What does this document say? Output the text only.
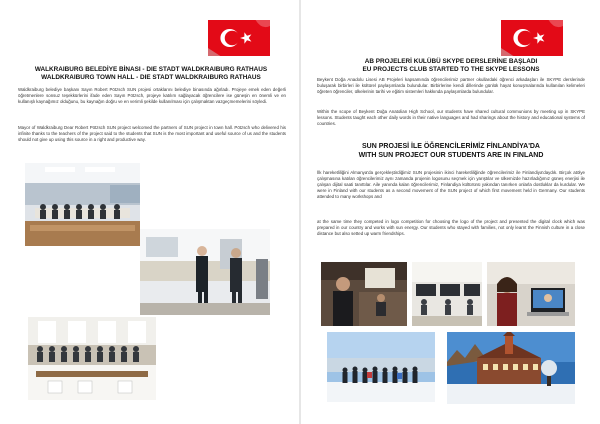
WALKRAIBURG BELEDİYE BİNASI - DIE STADT WALDKRAIBURG RATHAUS
WALDKRAIBURG TOWN HALL - DIE STADT WALDKRAIBURG RATHAUS

Waldkraiburg belediye başkanı Sayın Robert Pötzsch SUN projesi ortaklarını belediye binasında ağırladı. Projeye emek eden değerli öğretmenlere sonsuz teşekkürlerini ifade eden Sayın Pötzsch, projeye katılım sağlayacak öğrencilere ise güneşin en önemli ve en kullanışlı kaynağımız olduğunu, bu kaynağın doğru ve en verimli şekilde kullanılması için çalışmaktan vazgeçmemelerini söyledi.

Mayor of Waldkraiburg Dear Robert Pötzsch SUN project welcomed the partners of SUN project in town hall. Pötzsch who delivered his infinite thanks to the teachers of the project said to the students that SUN is the most important and useful source of us and the students should not give up using this source in a right and productive way.

AB PROJELERİ KULÜBÜ SKYPE DERSLERİNE BAŞLADI
EU PROJECTS CLUB STARTED TO THE SKYPE LESSONS

Beykent Doğa Anadolu Lisesi AB Projeleri kapsamında öğrencilerimiz partner okullardaki öğrenci arkadaşları ile SKYPE derslerinde buluşarak birbirleri ile kültürel paylaşımlarda bulundular. Birbirlerine kendi dillerinde günlük hayat konuşmalarında kullanılan kelimeleri öğreten öğrenciler, ülkelerinin tarihi ve eğitim sistemleri hakkında paylaşımlarda bulundular.

Within the scope of Beykent Doğa Anatolian High School, our students have shared cultural communions by meeting up in SKYPE lessons. Students taught each other daily words in their native languages and had sharings about the history and educational systems of countries.

SUN PROJESİ İLE ÖĞRENCİLERİMİZ FİNLANDİYA'DA
WITH SUN PROJECT OUR STUDENTS ARE IN FINLAND

İlk hareketliliğini Almanya'da gerçekleştirdiğimiz SUN projesinin ikinci hareketliliğinde öğrencilerimiz ile Finlandiya'daydık. Birçok atölye çalışmasına katılan öğrencilerimiz aynı zamanda projenin logosunu seçmek için yarıştılar ve ülkemizde hazırladığımız güneş enerjisi ile çalışan dijital saati tanıttılar. Aile yanında kalan öğrencilerimiz, Finlandiya kültürünü yakından tanırken onlarla dostluklar da kurdular. We were in Finland with our students as a second movement of the SUN project of which first movement held in Germany. Our students attended to many workshops and

at the same time they competed in logo competition for choosing the logo of the project and presented the digital clock which was prepared in our country and works with sun energy. Our students who stayed with families, not only learnt the Finnish culture in a close distance but also setted up warm friendships.
